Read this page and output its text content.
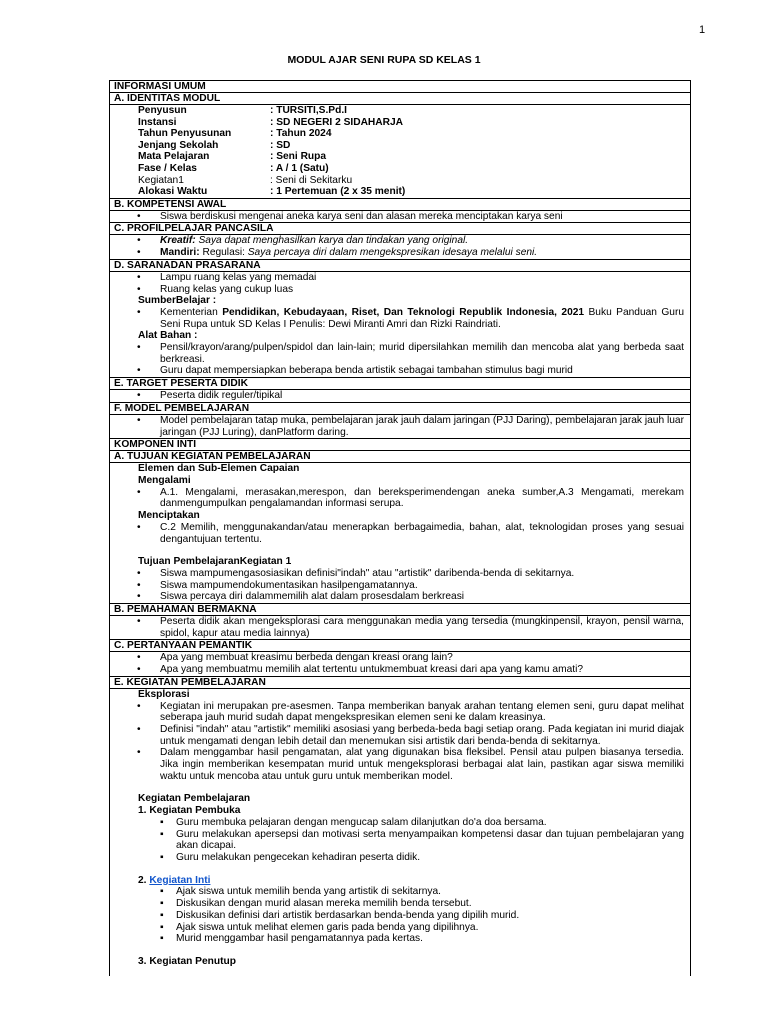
1
MODUL AJAR SENI RUPA SD KELAS 1
INFORMASI UMUM
A. IDENTITAS MODUL
Penyusun	: TURSITI,S.Pd.I
Instansi	: SD NEGERI 2 SIDAHARJA
Tahun Penyusunan	: Tahun 2024
Jenjang Sekolah	: SD
Mata Pelajaran	: Seni Rupa
Fase / Kelas	: A / 1 (Satu)
Kegiatan1	: Seni di Sekitarku
Alokasi Waktu	: 1 Pertemuan (2 x 35 menit)
B. KOMPETENSI AWAL
• Siswa berdiskusi mengenai aneka karya seni dan alasan mereka menciptakan karya seni
C. PROFILPELAJAR PANCASILA
• Kreatif: Saya dapat menghasilkan karya dan tindakan yang original.
• Mandiri: Regulasi: Saya percaya diri dalam mengekspresikan idesaya melalui seni.
D. SARANADAN PRASARANA
• Lampu ruang kelas yang memadai
• Ruang kelas yang cukup luas
SumberBelajar :
• Kementerian Pendidikan, Kebudayaan, Riset, Dan Teknologi Republik Indonesia, 2021 Buku Panduan Guru Seni Rupa untuk SD Kelas I Penulis: Dewi Miranti Amri dan Rizki Raindriati.
Alat Bahan :
• Pensil/krayon/arang/pulpen/spidol dan lain-lain; murid dipersilahkan memilih dan mencoba alat yang berbeda saat berkreasi.
• Guru dapat mempersiapkan beberapa benda artistik sebagai tambahan stimulus bagi murid
E. TARGET PESERTA DIDIK
• Peserta didik reguler/tipikal
F. MODEL PEMBELAJARAN
• Model pembelajaran tatap muka, pembelajaran jarak jauh dalam jaringan (PJJ Daring), pembelajaran jarak jauh luar jaringan (PJJ Luring), danPlatform daring.
KOMPONEN INTI
A. TUJUAN KEGIATAN PEMBELAJARAN
Elemen dan Sub-Elemen Capaian
Mengalami
• A.1. Mengalami, merasakan,merespon, dan bereksperimendengan aneka sumber,A.3 Mengamati, merekam danmengumpulkan pengalamandan informasi serupa.
Menciptakan
• C.2 Memilih, menggunakandan/atau menerapkan berbagaimedia, bahan, alat, teknologidan proses yang sesuai dengantujuan tertentu.
Tujuan PembelajaranKegiatan 1
• Siswa mampumengasosiasikan definisi"indah" atau "artistik" daribenda-benda di sekitarnya.
• Siswa mampumendokumentasikan hasilpengamatannya.
• Siswa percaya diri dalammemilih alat dalam prosesdalam berkreasi
B. PEMAHAMAN BERMAKNA
• Peserta didik akan mengeksplorasi cara menggunakan media yang tersedia (mungkinpensil, krayon, pensil warna, spidol, kapur atau media lainnya)
C. PERTANYAAN PEMANTIK
• Apa yang membuat kreasimu berbeda dengan kreasi orang lain?
• Apa yang membuatmu memilih alat tertentu untukmembuat kreasi dari apa yang kamu amati?
E. KEGIATAN PEMBELAJARAN
Eksplorasi
• Kegiatan ini merupakan pre-asesmen. Tanpa memberikan banyak arahan tentang elemen seni, guru dapat melihat seberapa jauh murid sudah dapat mengekspresikan elemen seni ke dalam kreasinya.
• Definisi "indah" atau "artistik" memiliki asosiasi yang berbeda-beda bagi setiap orang. Pada kegiatan ini murid diajak untuk mengamati dengan lebih detail dan menemukan sisi artistik dari benda-benda di sekitarnya.
• Dalam menggambar hasil pengamatan, alat yang digunakan bisa fleksibel. Pensil atau pulpen biasanya tersedia. Jika ingin memberikan kesempatan murid untuk mengeksplorasi berbagai alat lain, pastikan agar siswa memiliki waktu untuk mencoba atau untuk guru untuk memberikan model.
Kegiatan Pembelajaran
1. Kegiatan Pembuka
▪ Guru membuka pelajaran dengan mengucap salam dilanjutkan do'a doa bersama.
▪ Guru melakukan apersepsi dan motivasi serta menyampaikan kompetensi dasar dan tujuan pembelajaran yang akan dicapai.
▪ Guru melakukan pengecekan kehadiran peserta didik.
2. Kegiatan Inti
▪ Ajak siswa untuk memilih benda yang artistik di sekitarnya.
▪ Diskusikan dengan murid alasan mereka memilih benda tersebut.
▪ Diskusikan definisi dari artistik berdasarkan benda-benda yang dipilih murid.
▪ Ajak siswa untuk melihat elemen garis pada benda yang dipilihnya.
▪ Murid menggambar hasil pengamatannya pada kertas.
3. Kegiatan Penutup
